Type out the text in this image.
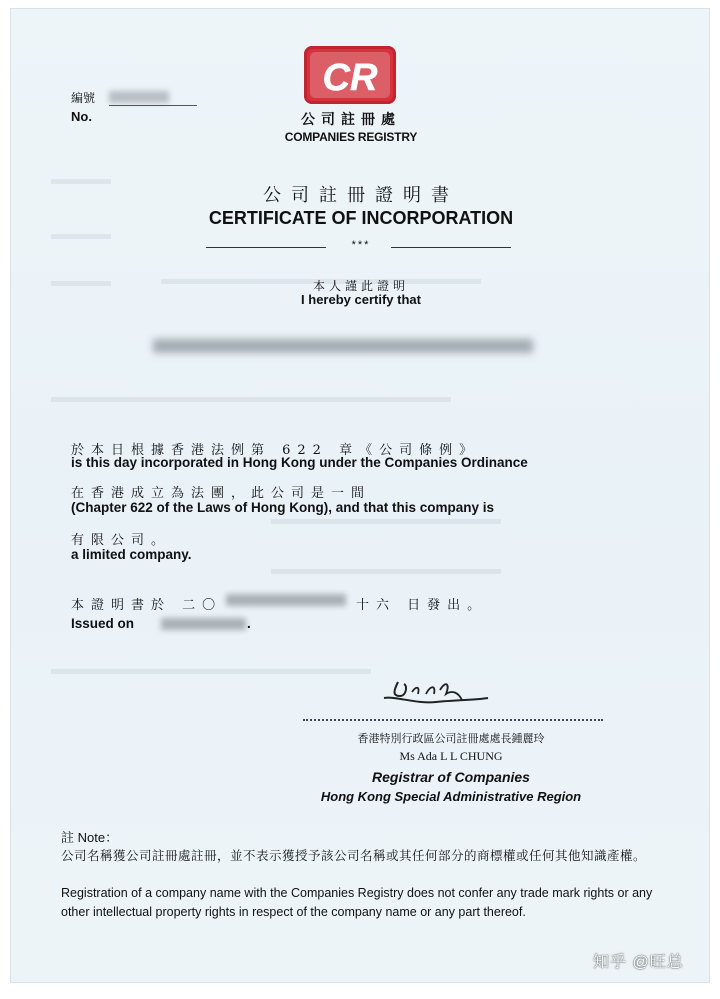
編號
No.
CR
公司註冊處
COMPANIES REGISTRY
公司註冊證明書
CERTIFICATE OF INCORPORATION
***
本人謹此證明
I hereby certify that
於本日根據香港法例第 622 章《公司條例》
is this day incorporated in Hong Kong under the Companies Ordinance
在香港成立為法團，此公司是一間
(Chapter 622 of the Laws of Hong Kong), and that this company is
有限公司。
a limited company.
本證明書於 二〇	十六 日發出。
Issued on	.
香港特別行政區公司註冊處處長鍾麗玲
Ms Ada L L CHUNG
Registrar of Companies
Hong Kong Special Administrative Region
註 Note：
公司名稱獲公司註冊處註冊，並不表示獲授予該公司名稱或其任何部分的商標權或任何其他知識產權。
Registration of a company name with the Companies Registry does not confer any trade mark rights or any other intellectual property rights in respect of the company name or any part thereof.
知乎 @旺总
